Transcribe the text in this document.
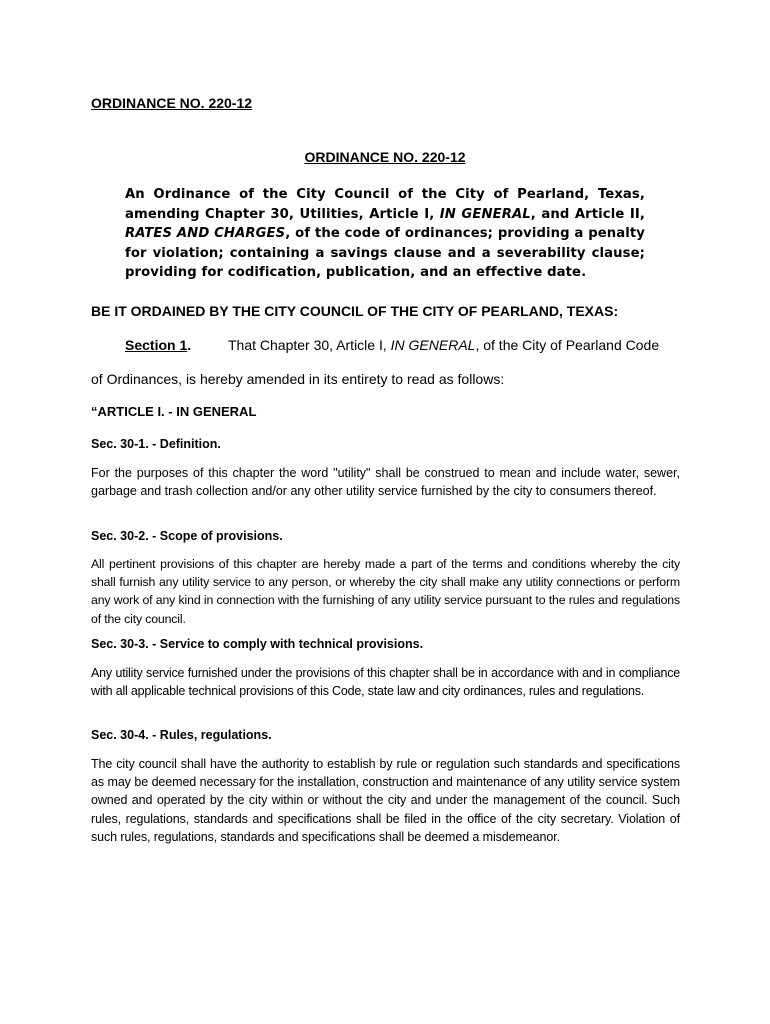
ORDINANCE NO. 220-12
ORDINANCE NO. 220-12
An Ordinance of the City Council of the City of Pearland, Texas, amending Chapter 30, Utilities, Article I, IN GENERAL, and Article II, RATES AND CHARGES, of the code of ordinances; providing a penalty for violation; containing a savings clause and a severability clause; providing for codification, publication, and an effective date.
BE IT ORDAINED BY THE CITY COUNCIL OF THE CITY OF PEARLAND, TEXAS:
Section 1.	That Chapter 30, Article I, IN GENERAL, of the City of Pearland Code
of Ordinances, is hereby amended in its entirety to read as follows:
“ARTICLE I. - IN GENERAL
Sec. 30-1. - Definition.
For the purposes of this chapter the word "utility" shall be construed to mean and include water, sewer, garbage and trash collection and/or any other utility service furnished by the city to consumers thereof.
Sec. 30-2. - Scope of provisions.
All pertinent provisions of this chapter are hereby made a part of the terms and conditions whereby the city shall furnish any utility service to any person, or whereby the city shall make any utility connections or perform any work of any kind in connection with the furnishing of any utility service pursuant to the rules and regulations of the city council.
Sec. 30-3. - Service to comply with technical provisions.
Any utility service furnished under the provisions of this chapter shall be in accordance with and in compliance with all applicable technical provisions of this Code, state law and city ordinances, rules and regulations.
Sec. 30-4. - Rules, regulations.
The city council shall have the authority to establish by rule or regulation such standards and specifications as may be deemed necessary for the installation, construction and maintenance of any utility service system owned and operated by the city within or without the city and under the management of the council. Such rules, regulations, standards and specifications shall be filed in the office of the city secretary. Violation of such rules, regulations, standards and specifications shall be deemed a misdemeanor.
